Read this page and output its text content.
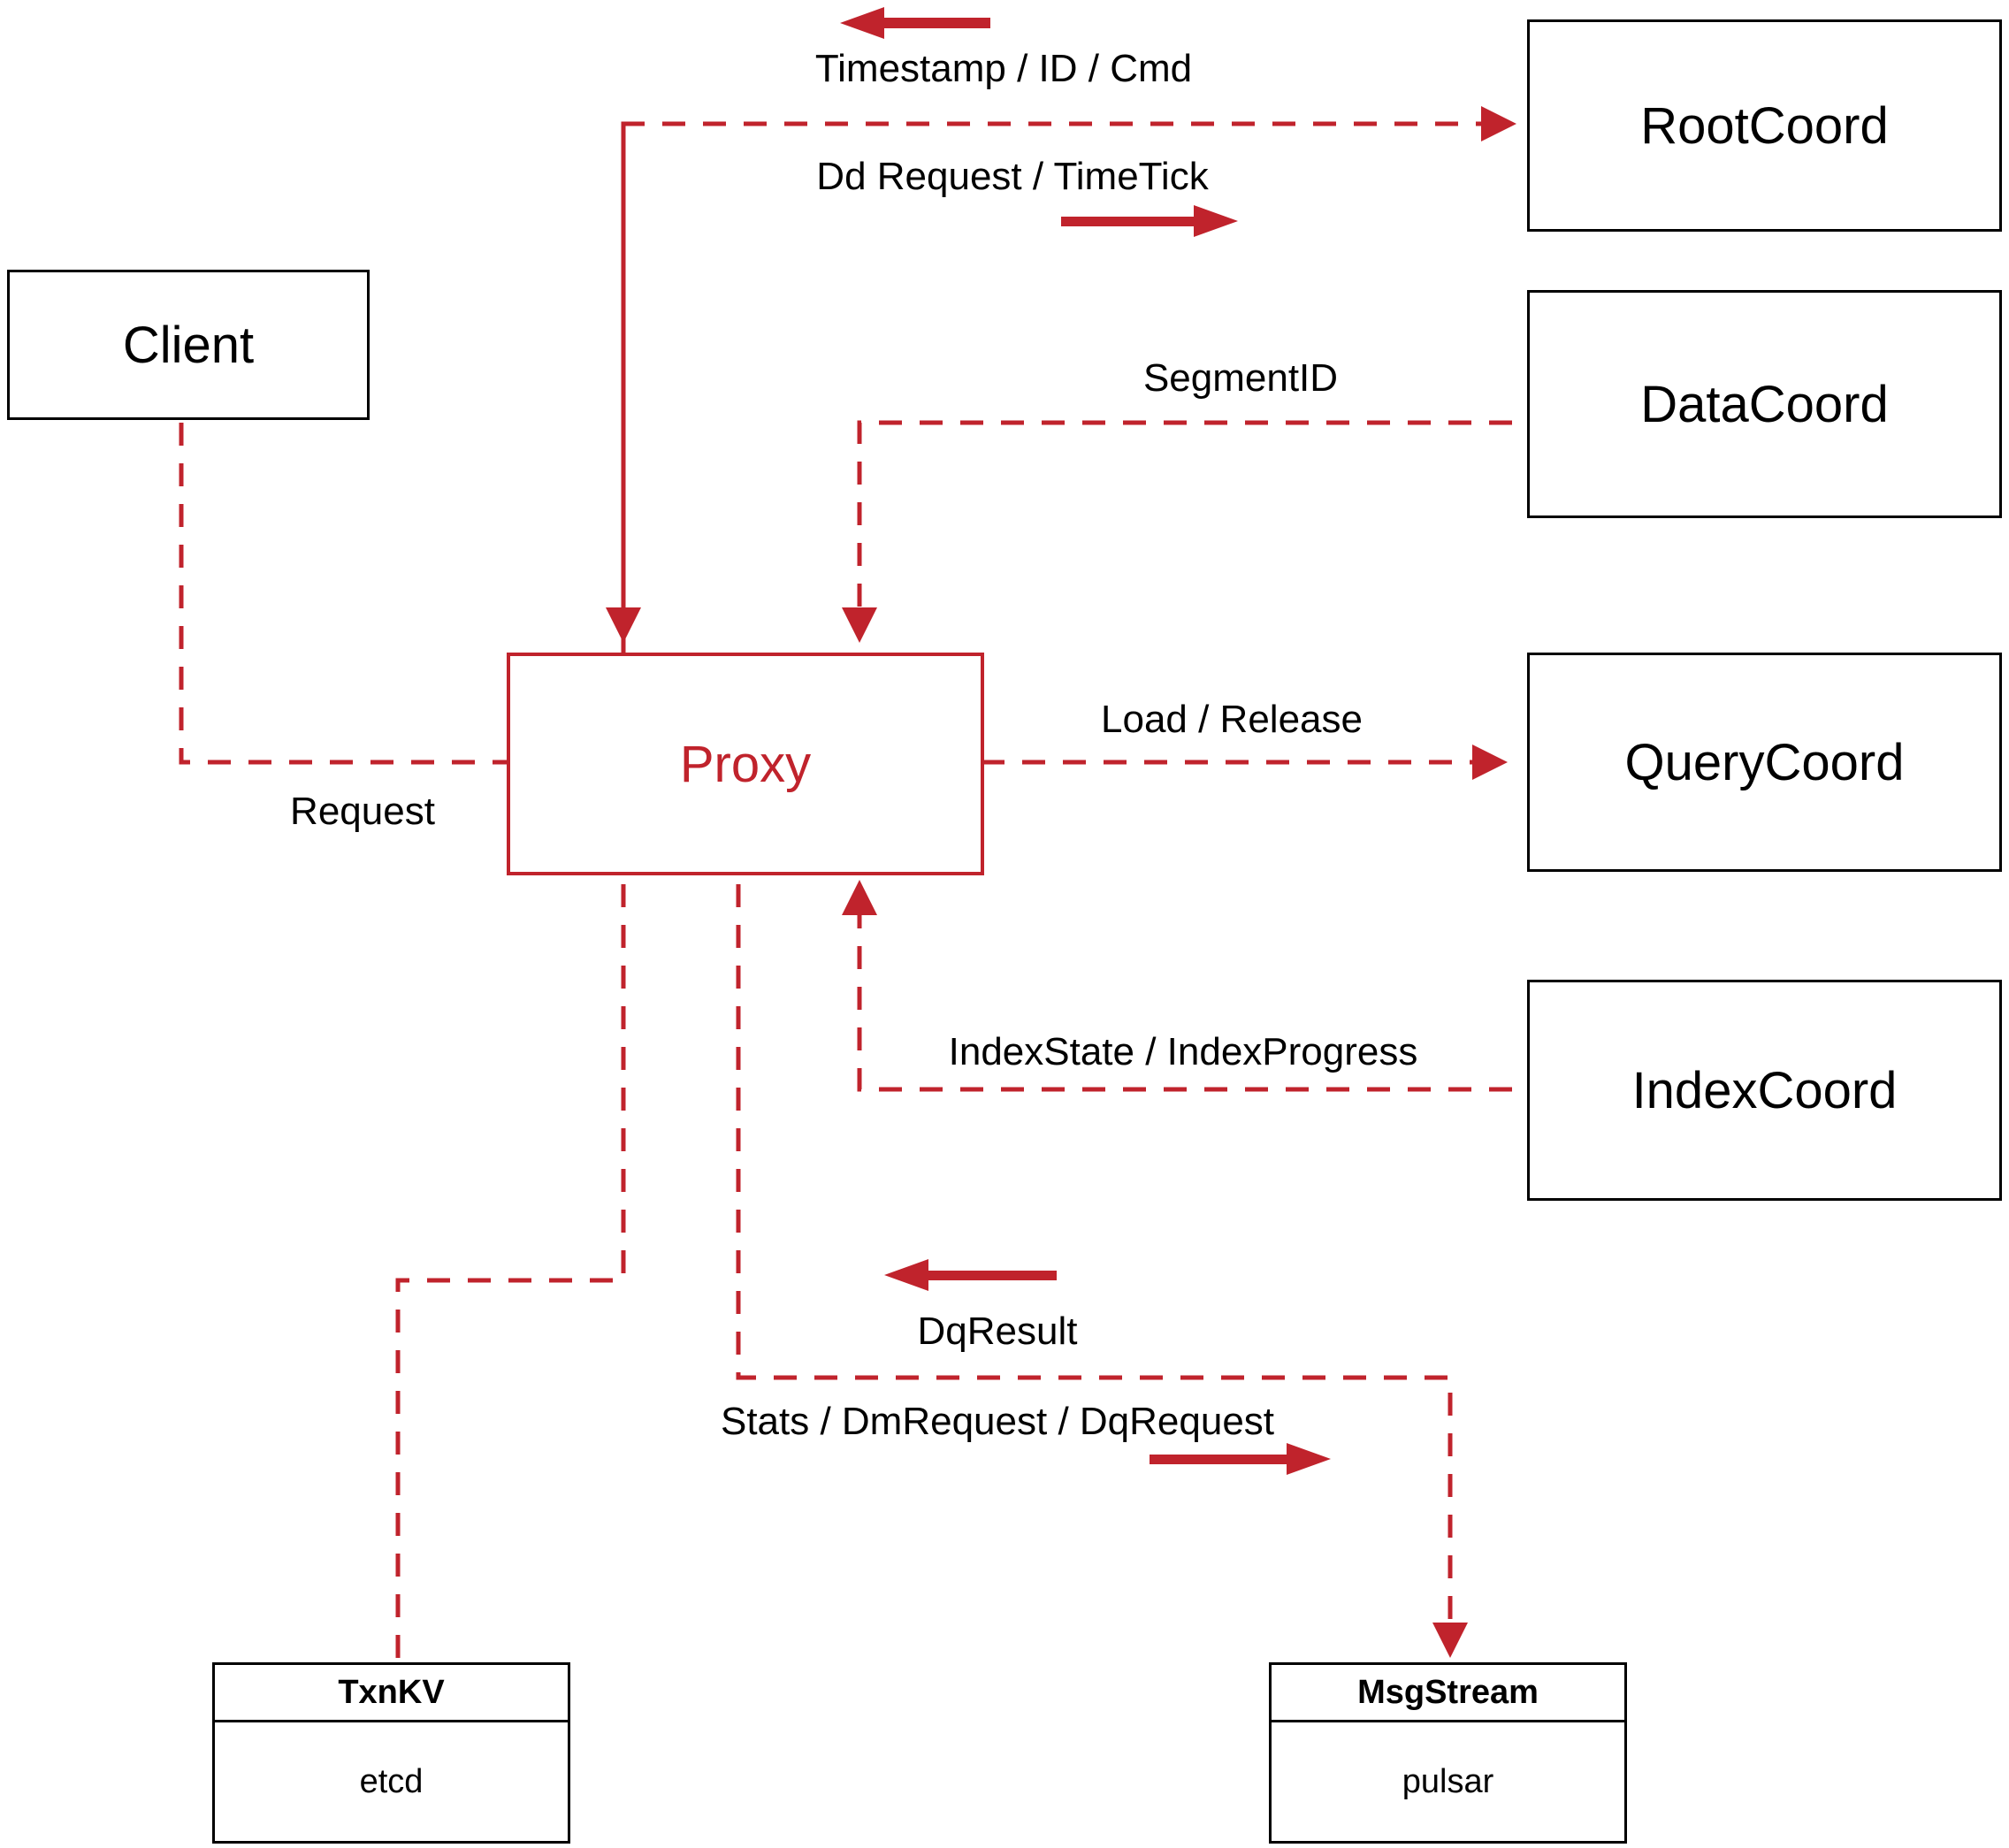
Client
Proxy
RootCoord
DataCoord
QueryCoord
IndexCoord
TxnKV
etcd
MsgStream
pulsar
Timestamp / ID / Cmd
Dd Request / TimeTick
SegmentID
Load / Release
Request
IndexState / IndexProgress
DqResult
Stats / DmRequest / DqRequest
